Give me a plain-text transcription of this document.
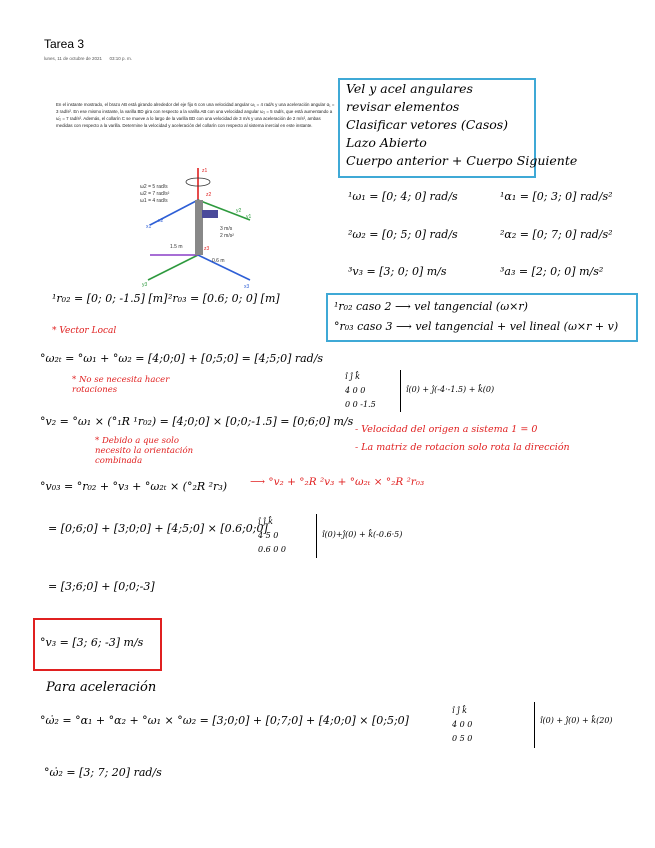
Tarea 3
lunes, 11 de octubre de 2021 03:10 p. m.
En el instante mostrado, el brazo AB está girando alrededor del eje fijo 6 con una velocidad angular ω₁ = 4 rad/s y una aceleración angular α₁ = 3 rad/s². En ese mismo instante, la varilla BD gira con respecto a la varilla AB con una velocidad angular ω₂ = 5 rad/s, que está aumentando a ω̇₂ = 7 rad/s². Además, el collarín C se mueve a lo largo de la varilla BD con una velocidad de 3 m/s y una aceleración de 2 m/s², ambas medidas con respecto a la varilla. Determine la velocidad y aceleración del collarín con respecto al sistema inercial en este instante.
z1
x1
y1
x2
y2
z2
x3
y3
z3
ω2 = 5 rad/s
ω̇2 = 7 rad/s²
ω1 = 4 rad/s
3 m/s
2 m/s²
0.6 m
1.5 m
Vel y acel angulares
revisar elementos
Clasificar vetores (Casos)
Lazo Abierto
Cuerpo anterior + Cuerpo Siguiente
¹ω₁ = [0; 4; 0] rad/s	¹α₁ = [0; 3; 0] rad/s²
²ω₂ = [0; 5; 0] rad/s	²α₂ = [0; 7; 0] rad/s²
³v₃ = [3; 0; 0] m/s	³a₃ = [2; 0; 0] m/s²
¹r₀₂ caso 2 ⟶ vel tangencial (ω×r)
°r₀₃ caso 3 ⟶ vel tangencial + vel lineal (ω×r + v)
î ĵ k̂
4 0 0
0 0 -1.5
î(0) + ĵ(-4·-1.5) + k̂(0)
- Velocidad del origen a sistema 1 = 0
- La matriz de rotacion solo rota la dirección
¹r₀₂ = [0; 0; -1.5] [m] ²r₀₃ = [0.6; 0; 0] [m]
* Vector Local
°ω₂ₜ = °ω₁ + °ω₂ = [4;0;0] + [0;5;0] = [4;5;0] rad/s
* No se necesita hacer rotaciones
°v₂ = °ω₁ × (°₁R ¹r₀₂) = [4;0;0] × [0;0;-1.5] = [0;6;0] m/s
* Debido a que solo necesito la orientación combinada
°v₀₃ = °r₀₂ + °v₃ + °ω₂ₜ × (°₂R ²r₃) ⟶ °v₂ + °₂R ²v₃ + °ω₂ₜ × °₂R ²r₀₃
= [0;6;0] + [3;0;0] + [4;5;0] × [0.6;0;0]
î ĵ k̂
4 5 0
0.6 0 0
î(0)+ĵ(0) + k̂(-0.6·5)
= [3;6;0] + [0;0;-3]
°v₃ = [3; 6; -3] m/s
Para aceleración
°ω̇₂ = °α₁ + °α₂ + °ω₁ × °ω₂ = [3;0;0] + [0;7;0] + [4;0;0] × [0;5;0]
î ĵ k̂
4 0 0
0 5 0
î(0) + ĵ(0) + k̂(20)
°ω̇₂ = [3; 7; 20] rad/s
